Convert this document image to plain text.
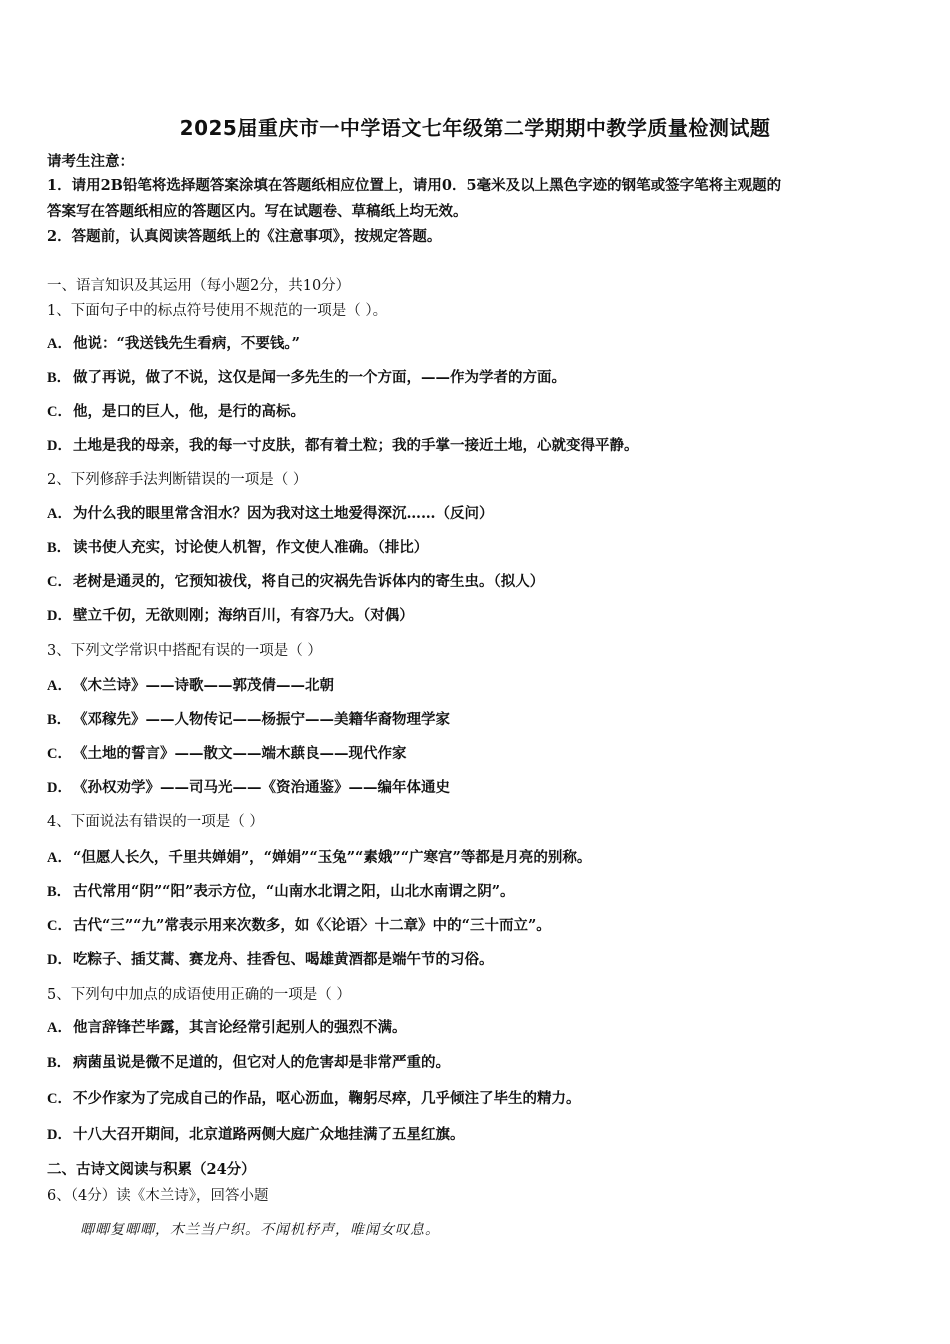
2025届重庆市一中学语文七年级第二学期期中教学质量检测试题
请考生注意：
1．请用2B铅笔将选择题答案涂填在答题纸相应位置上，请用0．5毫米及以上黑色字迹的钢笔或签字笔将主观题的
答案写在答题纸相应的答题区内。写在试题卷、草稿纸上均无效。
2．答题前，认真阅读答题纸上的《注意事项》，按规定答题。
一、语言知识及其运用（每小题2分，共10分）
1、下面句子中的标点符号使用不规范的一项是（ ）。
A．他说：“我送钱先生看病，不要钱。”
B． 做了再说，做了不说，这仅是闻一多先生的一个方面，——作为学者的方面。
C．他，是口的巨人，他，是行的高标。
D．土地是我的母亲，我的每一寸皮肤，都有着土粒；我的手掌一接近土地，心就变得平静。
2、下列修辞手法判断错误的一项是（ ）
A．为什么我的眼里常含泪水？因为我对这土地爱得深沉……（反问）
B． 读书使人充实，讨论使人机智，作文使人准确。（排比）
C．老树是通灵的，它预知祓伐，将自己的灾祸先告诉体内的寄生虫。（拟人）
D．壁立千仞，无欲则刚；海纳百川，有容乃大。（对偶）
3、下列文学常识中搭配有误的一项是（ ）
A．《木兰诗》——诗歌——郭茂倩——北朝
B． 《邓稼先》——人物传记——杨振宁——美籍华裔物理学家
C．《土地的誓言》——散文——端木蕻良——现代作家
D．《孙权劝学》——司马光——《资治通鉴》——编年体通史
4、下面说法有错误的一项是（ ）
A．“但愿人长久，千里共婵娟”，“婵娟”“玉兔”“素娥”“广寒宫”等都是月亮的别称。
B． 古代常用“阴”“阳”表示方位，“山南水北谓之阳，山北水南谓之阴”。
C．古代“三”“九”常表示用来次数多，如《〈论语〉十二章》中的“三十而立”。
D．吃粽子、插艾蒿、赛龙舟、挂香包、喝雄黄酒都是端午节的习俗。
5、下列句中加点的成语使用正确的一项是（ ）
A．他言辞锋芒毕露，其言论经常引起别人的强烈不满。
B． 病菌虽说是微不足道的，但它对人的危害却是非常严重的。
C．不少作家为了完成自己的作品，呕心沥血，鞠躬尽瘁，几乎倾注了毕生的精力。
D．十八大召开期间，北京道路两侧大庭广众地挂满了五星红旗。
二、古诗文阅读与积累（24分）
6、（4分）读《木兰诗》，回答小题
唧唧复唧唧，木兰当户织。不闻机杼声，唯闻女叹息。
